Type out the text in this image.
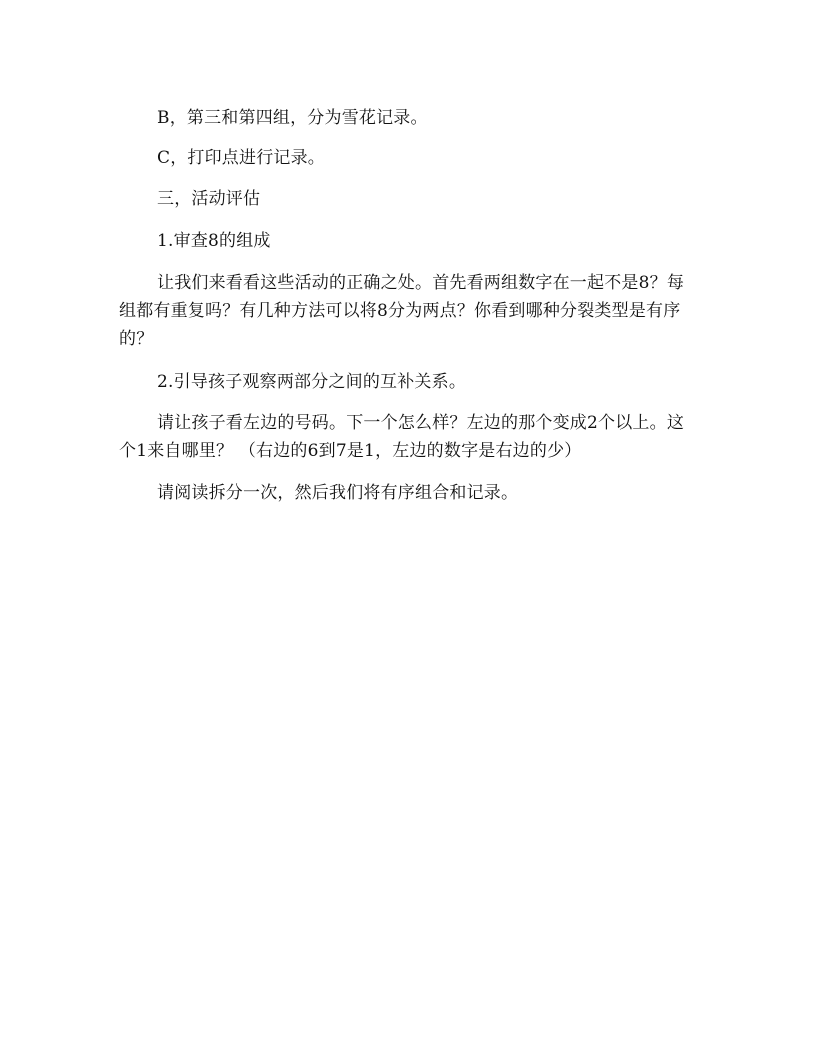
B，第三和第四组，分为雪花记录。

C，打印点进行记录。

三，活动评估

1.审查8的组成

让我们来看看这些活动的正确之处。首先看两组数字在一起不是8？每组都有重复吗？有几种方法可以将8分为两点？你看到哪种分裂类型是有序的？

2.引导孩子观察两部分之间的互补关系。

请让孩子看左边的号码。下一个怎么样？左边的那个变成2个以上。这个1来自哪里？ （右边的6到7是1，左边的数字是右边的少）

请阅读拆分一次，然后我们将有序组合和记录。
